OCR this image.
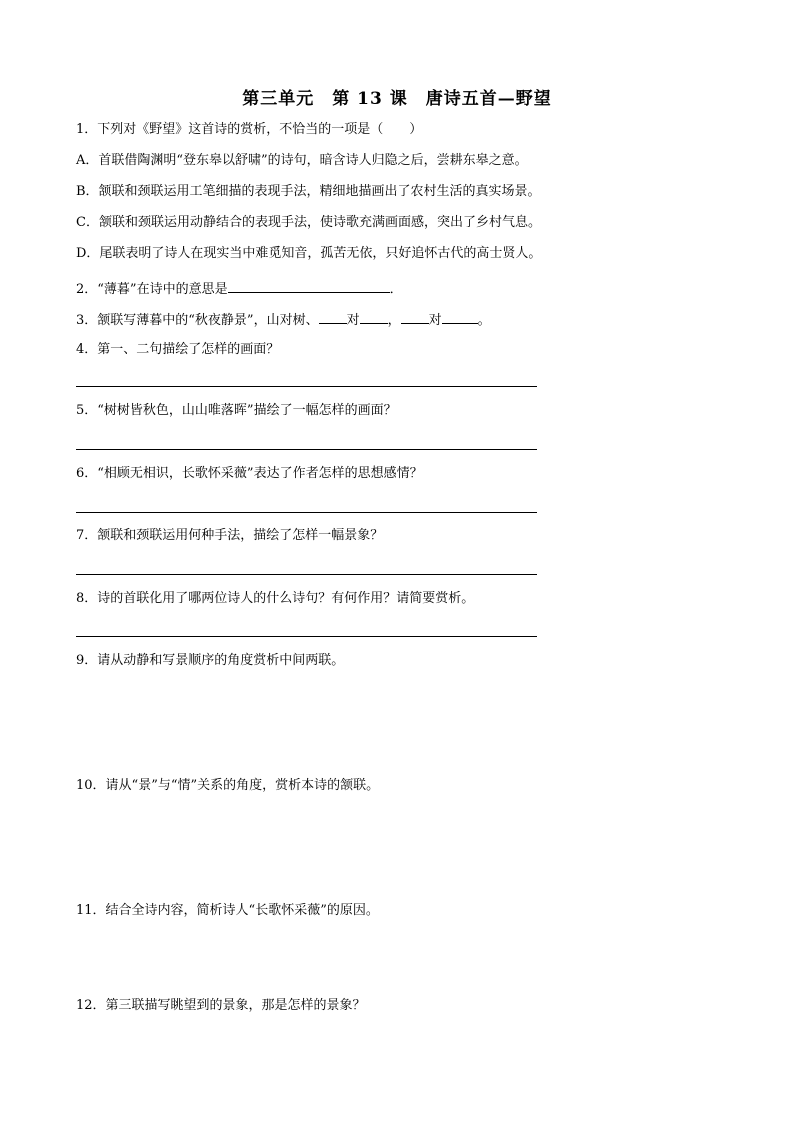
第三单元　第 13 课　唐诗五首—野望
1．下列对《野望》这首诗的赏析，不恰当的一项是（　　）
A．首联借陶渊明“登东皋以舒啸”的诗句，暗含诗人归隐之后，尝耕东皋之意。
B．颔联和颈联运用工笔细描的表现手法，精细地描画出了农村生活的真实场景。
C．颔联和颈联运用动静结合的表现手法，使诗歌充满画面感，突出了乡村气息。
D．尾联表明了诗人在现实当中难觅知音，孤苦无依，只好追怀古代的高士贤人。
2．“薄暮”在诗中的意思是	．
3．颔联写薄暮中的“秋夜静景”，山对树、 对 ， 对	。
4．第一、二句描绘了怎样的画面？
5．“树树皆秋色，山山唯落晖”描绘了一幅怎样的画面？
6．“相顾无相识，长歌怀采薇”表达了作者怎样的思想感情？
7．颔联和颈联运用何种手法，描绘了怎样一幅景象？
8．诗的首联化用了哪两位诗人的什么诗句？有何作用？请简要赏析。
9．请从动静和写景顺序的角度赏析中间两联。
10．请从“景”与“情”关系的角度，赏析本诗的颔联。
11．结合全诗内容，简析诗人“长歌怀采薇”的原因。
12．第三联描写眺望到的景象，那是怎样的景象？
